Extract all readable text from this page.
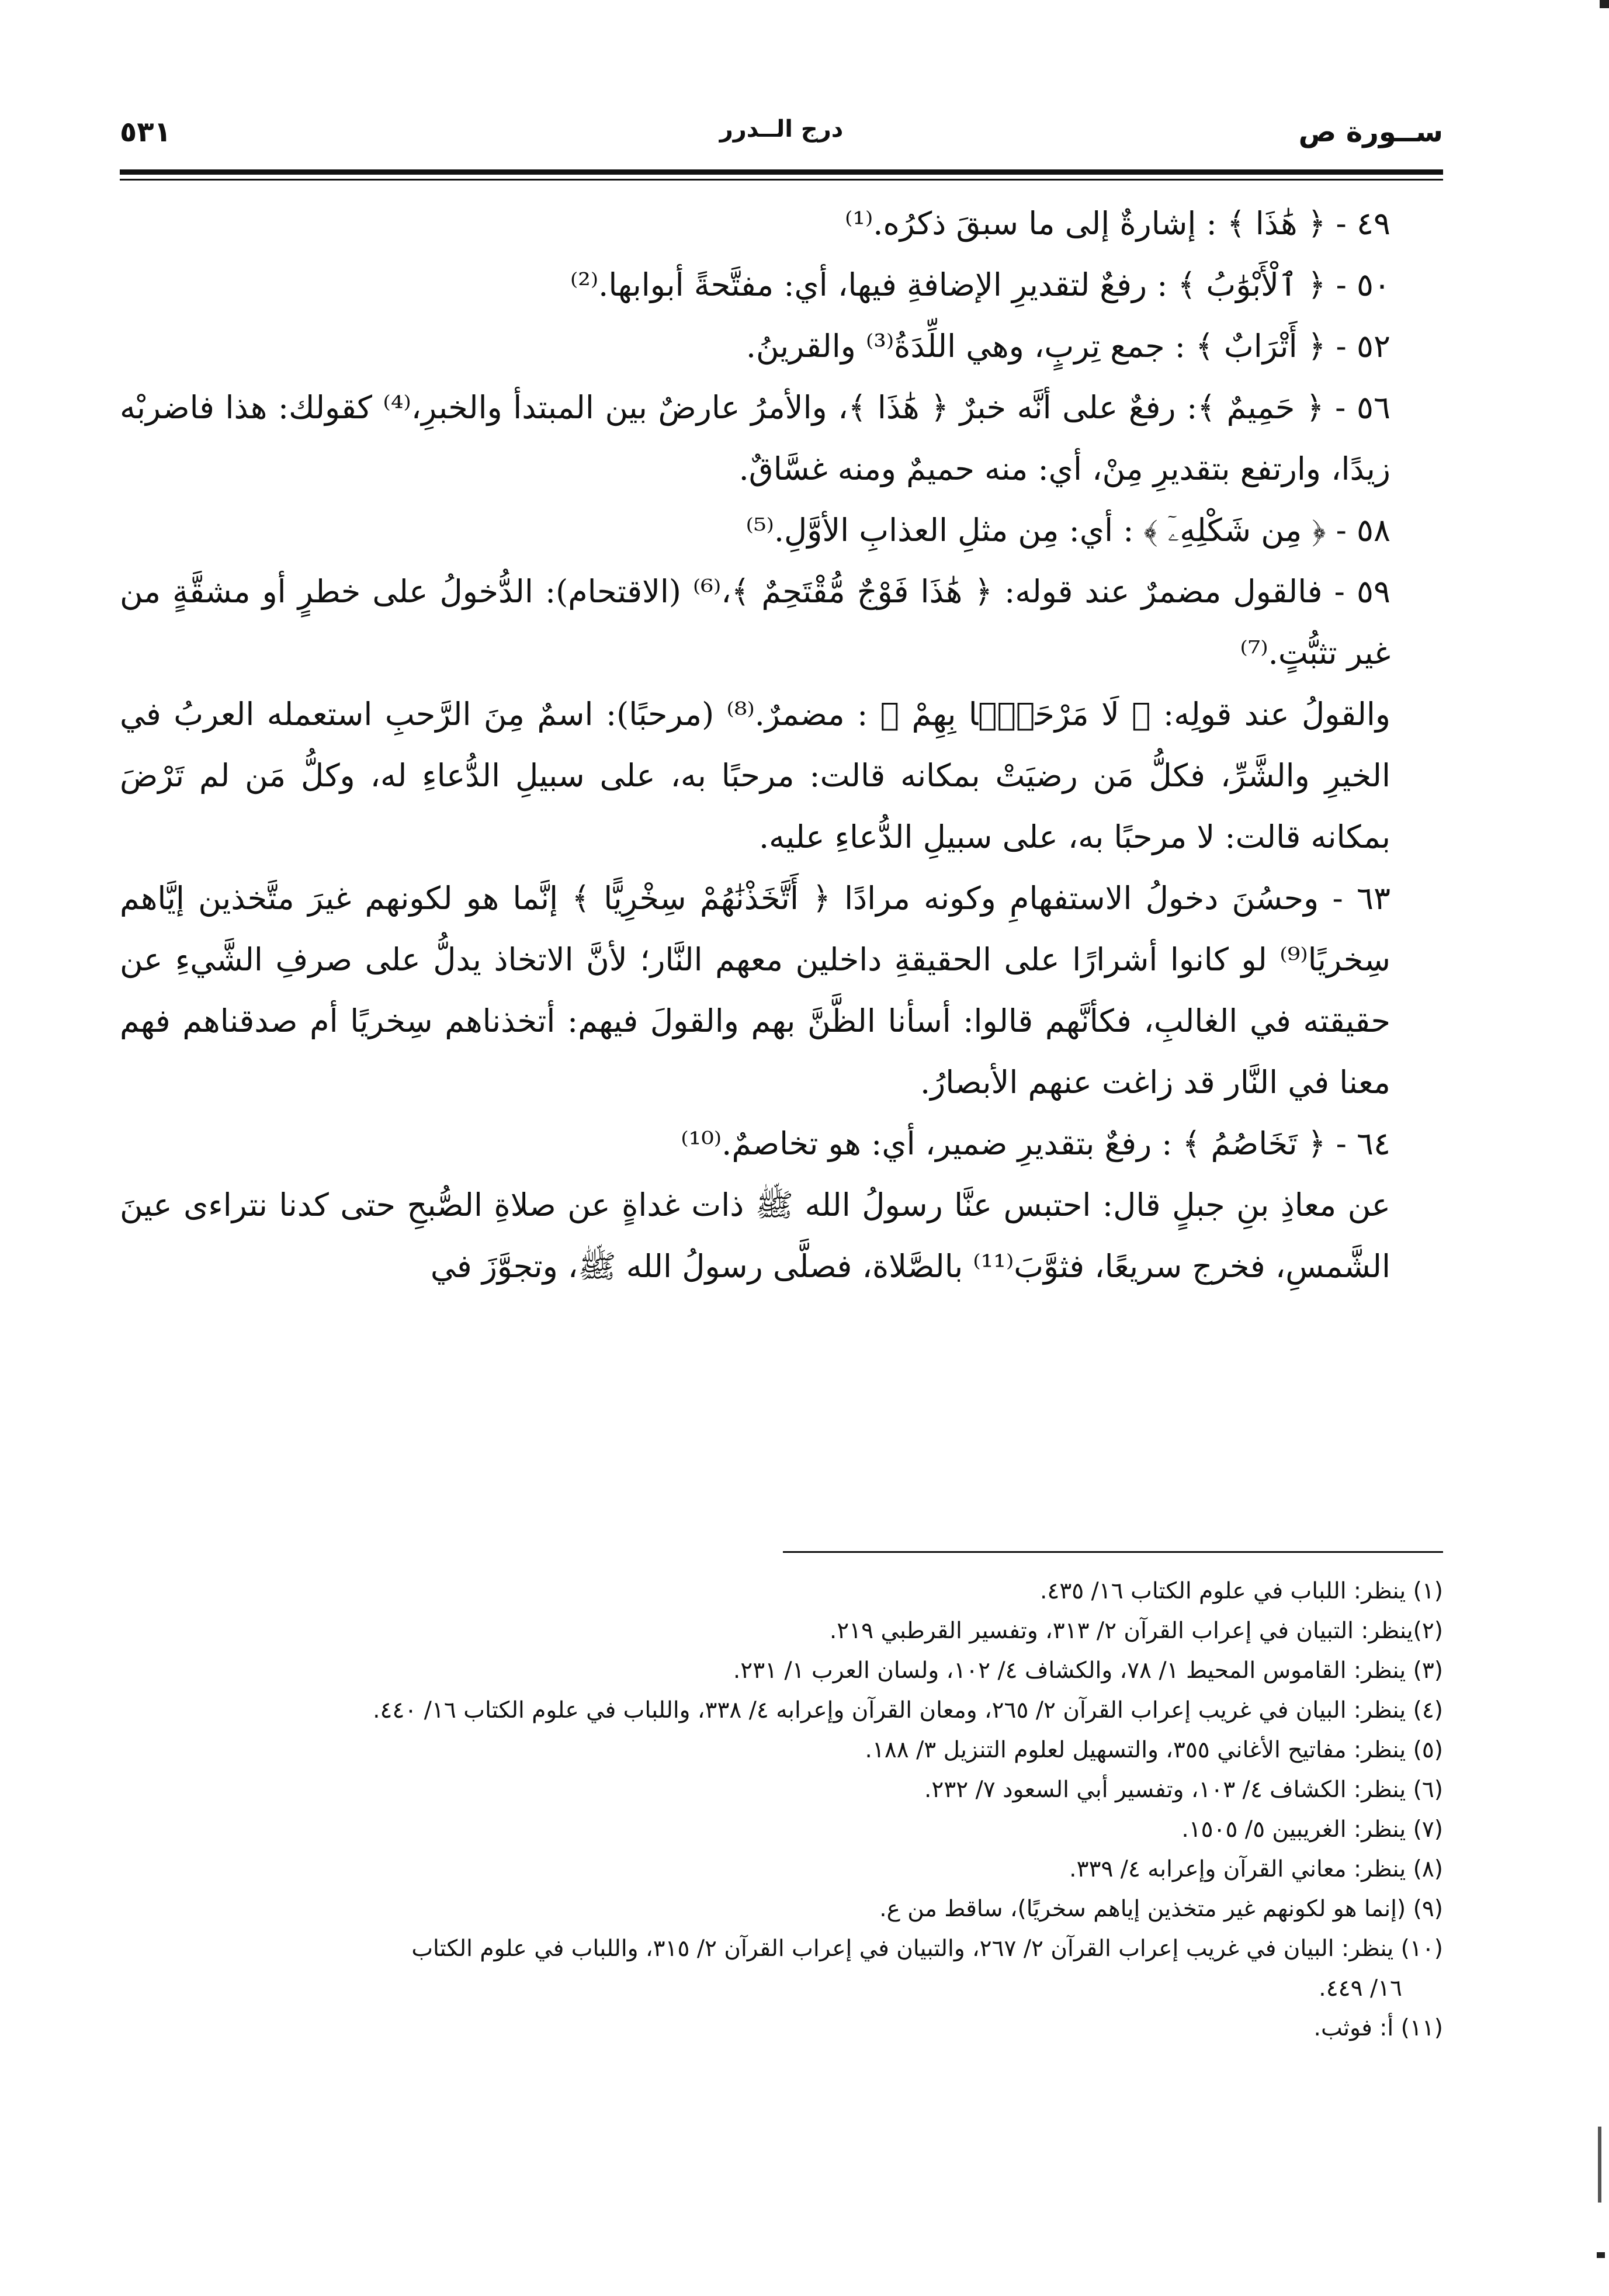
ســورة ص
درج الــدرر
٥٣١

٤٩ - ﴿ هَٰذَا ﴾ : إشارةٌ إلى ما سبقَ ذكرُه.⁽¹⁾

٥٠ - ﴿ ٱلْأَبْوَٰبُ ﴾ : رفعٌ لتقديرِ الإضافةِ فيها، أي: مفتَّحةً أبوابها.⁽²⁾

٥٢ - ﴿ أَتْرَابٌ ﴾ : جمع تِربٍ، وهي اللِّدَةُ⁽³⁾ والقرينُ.

٥٦ - ﴿ حَمِيمٌ ﴾: رفعٌ على أنَّه خبرٌ ﴿ هَٰذَا ﴾، والأمرُ عارضٌ بين المبتدأ والخبرِ،⁽⁴⁾ كقولك: هذا فاضربْه زيدًا، وارتفع بتقديرِ مِنْ، أي: منه حميمٌ ومنه غسَّاقٌ.

٥٨ - ﴿ مِن شَكْلِهِۦٓ ﴾ : أي: مِن مثلِ العذابِ الأوَّلِ.⁽⁵⁾

٥٩ - فالقول مضمرٌ عند قوله: ﴿ هَٰذَا فَوْجٌ مُّقْتَحِمٌ ﴾،⁽⁶⁾ (الاقتحام): الدُّخولُ على خطرٍ أو مشقَّةٍ من غير تثبُّتٍ.⁽⁷⁾

والقولُ عند قولِه: ﴿ لَا مَرْحَبًۢا بِهِمْ ﴾ : مضمرٌ.⁽⁸⁾ (مرحبًا): اسمٌ مِنَ الرَّحبِ استعمله العربُ في الخيرِ والشَّرِّ، فكلُّ مَن رضيَتْ بمكانه قالت: مرحبًا به، على سبيلِ الدُّعاءِ له، وكلُّ مَن لم تَرْضَ بمكانه قالت: لا مرحبًا به، على سبيلِ الدُّعاءِ عليه.

٦٣ - وحسُنَ دخولُ الاستفهامِ وكونه مرادًا ﴿ أَتَّخَذْنَٰهُمْ سِخْرِيًّا ﴾ إنَّما هو لكونهم غيرَ متَّخذين إيَّاهم سِخريًا⁽⁹⁾ لو كانوا أشرارًا على الحقيقةِ داخلين معهم النَّار؛ لأنَّ الاتخاذ يدلُّ على صرفِ الشَّيءِ عن حقيقته في الغالبِ، فكأنَّهم قالوا: أسأنا الظَّنَّ بهم والقولَ فيهم: أتخذناهم سِخريًا أم صدقناهم فهم معنا في النَّار قد زاغت عنهم الأبصارُ.

٦٤ - ﴿ تَخَاصُمُ ﴾ : رفعٌ بتقديرِ ضمير، أي: هو تخاصمٌ.⁽¹⁰⁾

عن معاذِ بنِ جبلٍ قال: احتبس عنَّا رسولُ الله ﷺ ذات غداةٍ عن صلاةِ الصُّبحِ حتى كدنا نتراءى عينَ الشَّمسِ، فخرج سريعًا، فثوَّبَ⁽¹¹⁾ بالصَّلاة، فصلَّى رسولُ الله ﷺ، وتجوَّزَ في

(١) ينظر: اللباب في علوم الكتاب ١٦/ ٤٣٥.

(٢)ينظر: التبيان في إعراب القرآن ٢/ ٣١٣، وتفسير القرطبي ٢١٩.

(٣) ينظر: القاموس المحيط ١/ ٧٨، والكشاف ٤/ ١٠٢، ولسان العرب ١/ ٢٣١.

(٤) ينظر: البيان في غريب إعراب القرآن ٢/ ٢٦٥، ومعان القرآن وإعرابه ٤/ ٣٣٨، واللباب في علوم الكتاب ١٦/ ٤٤٠.

(٥) ينظر: مفاتيح الأغاني ٣٥٥، والتسهيل لعلوم التنزيل ٣/ ١٨٨.

(٦) ينظر: الكشاف ٤/ ١٠٣، وتفسير أبي السعود ٧/ ٢٣٢.

(٧) ينظر: الغريبين ٥/ ١٥٠٥.

(٨) ينظر: معاني القرآن وإعرابه ٤/ ٣٣٩.

(٩) (إنما هو لكونهم غير متخذين إياهم سخريًا)، ساقط من ع.

(١٠) ينظر: البيان في غريب إعراب القرآن ٢/ ٢٦٧، والتبيان في إعراب القرآن ٢/ ٣١٥، واللباب في علوم الكتاب

١٦/ ٤٤٩.

(١١) أ: فوثب.
